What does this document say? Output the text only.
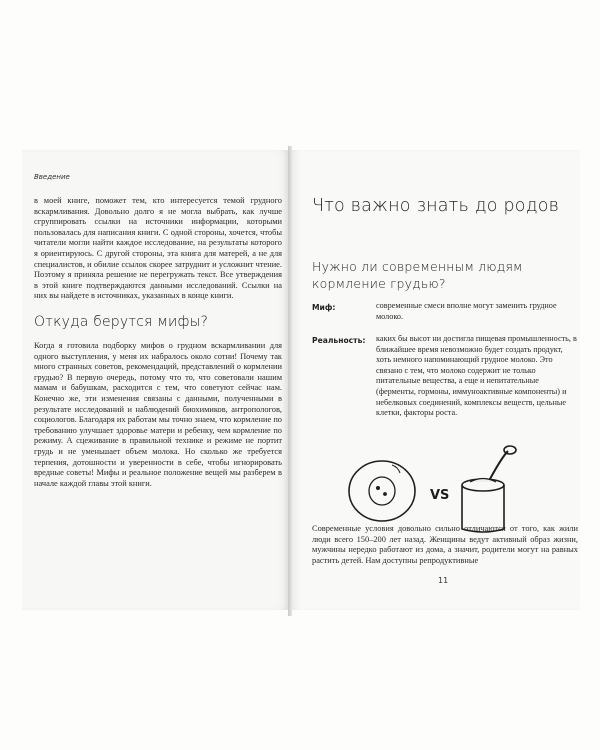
Введение

в моей книге, поможет тем, кто интересуется темой грудного вскармливания. Довольно долго я не могла выбрать, как лучше сгруппировать ссылки на источники информации, которыми пользовалась для написания книги. С одной стороны, хочется, чтобы читатели могли найти каждое исследование, на результаты которого я ориентируюсь. С другой стороны, эта книга для матерей, а не для специалистов, и обилие ссылок скорее затруднит и усложнит чтение. Поэтому я приняла решение не перегружать текст. Все утверждения в этой книге подтверждаются данными исследований. Ссылки на них вы найдете в источниках, указанных в конце книги.

Откуда берутся мифы?

Когда я готовила подборку мифов о грудном вскармливании для одного выступления, у меня их набралось около сотни! Почему так много странных советов, рекомендаций, представлений о кормлении грудью? В первую очередь, потому что то, что советовали нашим мамам и бабушкам, расходится с тем, что советуют сейчас нам. Конечно же, эти изменения связаны с данными, полученными в результате исследований и наблюдений биохимиков, антропологов, социологов. Благодаря их работам мы точно знаем, что кормление по требованию улучшает здоровье матери и ребенку, чем кормление по режиму. А сцеживание в правильной технике и режиме не портит грудь и не уменьшает объем молока. Но сколько же требуется терпения, дотошности и уверенности в себе, чтобы игнорировать вредные советы! Мифы и реальное положение вещей мы разберем в начале каждой главы этой книги.

Что важно знать до родов
Нужно ли современным людям кормление грудью?
Миф:	современные смеси вполне могут заменить грудное молоко.

Реальность: каких бы высот ни достигла пищевая промышленность, в ближайшее время невозможно будет создать продукт, хоть немного напоминающий грудное молоко. Это связано с тем, что молоко содержит не только питательные вещества, а еще и непитательные (ферменты, гормоны, иммуноактивные компоненты) и небелковых соединений, комплексы веществ, цельные клетки, факторы роста.

VS

Современные условия довольно сильно отличаются от того, как жили люди всего 150–200 лет назад. Женщины ведут активный образ жизни, мужчины нередко работают из дома, а значит, родители могут на равных растить детей. Нам доступны репродуктивные

11
